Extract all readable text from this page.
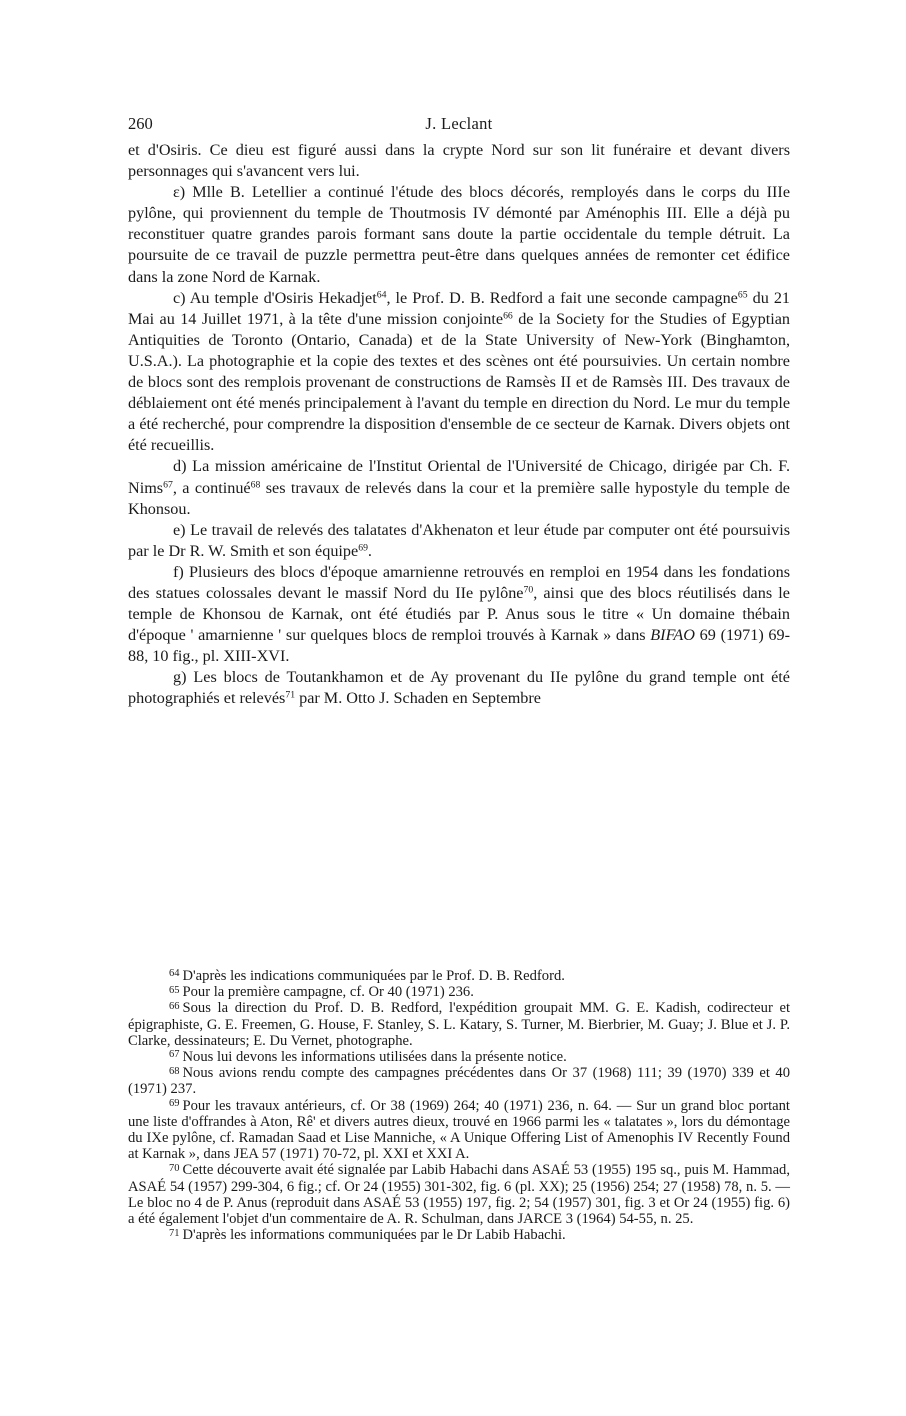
260	J. Leclant

et d'Osiris. Ce dieu est figuré aussi dans la crypte Nord sur son lit funéraire et devant divers personnages qui s'avancent vers lui.

ε) Mlle B. Letellier a continué l'étude des blocs décorés, remployés dans le corps du IIIe pylône, qui proviennent du temple de Thoutmosis IV démonté par Aménophis III. Elle a déjà pu reconstituer quatre grandes parois formant sans doute la partie occidentale du temple détruit. La poursuite de ce travail de puzzle permettra peut-être dans quelques années de remonter cet édifice dans la zone Nord de Karnak.

c) Au temple d'Osiris Hekadjet$^{64}$, le Prof. D. B. Redford a fait une seconde campagne$^{65}$ du 21 Mai au 14 Juillet 1971, à la tête d'une mission conjointe$^{66}$ de la Society for the Studies of Egyptian Antiquities de Toronto (Ontario, Canada) et de la State University of New-York (Binghamton, U.S.A.). La photographie et la copie des textes et des scènes ont été poursuivies. Un certain nombre de blocs sont des remplois provenant de constructions de Ramsès II et de Ramsès III. Des travaux de déblaiement ont été menés principalement à l'avant du temple en direction du Nord. Le mur du temple a été recherché, pour comprendre la disposition d'ensemble de ce secteur de Karnak. Divers objets ont été recueillis.

d) La mission américaine de l'Institut Oriental de l'Université de Chicago, dirigée par Ch. F. Nims$^{67}$, a continué$^{68}$ ses travaux de relevés dans la cour et la première salle hypostyle du temple de Khonsou.

e) Le travail de relevés des talatates d'Akhenaton et leur étude par computer ont été poursuivis par le Dr R. W. Smith et son équipe$^{69}$.

f) Plusieurs des blocs d'époque amarnienne retrouvés en remploi en 1954 dans les fondations des statues colossales devant le massif Nord du IIe pylône$^{70}$, ainsi que des blocs réutilisés dans le temple de Khonsou de Karnak, ont été étudiés par P. Anus sous le titre « Un domaine thébain d'époque ' amarnienne ' sur quelques blocs de remploi trouvés à Karnak » dans BIFAO 69 (1971) 69-88, 10 fig., pl. XIII-XVI.

g) Les blocs de Toutankhamon et de Ay provenant du IIe pylône du grand temple ont été photographiés et relevés$^{71}$ par M. Otto J. Schaden en Septembre

$^{64}$ D'après les indications communiquées par le Prof. D. B. Redford.

$^{65}$ Pour la première campagne, cf. Or 40 (1971) 236.

$^{66}$ Sous la direction du Prof. D. B. Redford, l'expédition groupait MM. G. E. Kadish, codirecteur et épigraphiste, G. E. Freemen, G. House, F. Stanley, S. L. Katary, S. Turner, M. Bierbrier, M. Guay; J. Blue et J. P. Clarke, dessinateurs; E. Du Vernet, photographe.

$^{67}$ Nous lui devons les informations utilisées dans la présente notice.

$^{68}$ Nous avions rendu compte des campagnes précédentes dans Or 37 (1968) 111; 39 (1970) 339 et 40 (1971) 237.

$^{69}$ Pour les travaux antérieurs, cf. Or 38 (1969) 264; 40 (1971) 236, n. 64. — Sur un grand bloc portant une liste d'offrandes à Aton, Rê' et divers autres dieux, trouvé en 1966 parmi les « talatates », lors du démontage du IXe pylône, cf. Ramadan Saad et Lise Manniche, « A Unique Offering List of Amenophis IV Recently Found at Karnak », dans JEA 57 (1971) 70-72, pl. XXI et XXI A.

$^{70}$ Cette découverte avait été signalée par Labib Habachi dans ASAÉ 53 (1955) 195 sq., puis M. Hammad, ASAÉ 54 (1957) 299-304, 6 fig.; cf. Or 24 (1955) 301-302, fig. 6 (pl. XX); 25 (1956) 254; 27 (1958) 78, n. 5. — Le bloc no 4 de P. Anus (reproduit dans ASAÉ 53 (1955) 197, fig. 2; 54 (1957) 301, fig. 3 et Or 24 (1955) fig. 6) a été également l'objet d'un commentaire de A. R. Schulman, dans JARCE 3 (1964) 54-55, n. 25.

$^{71}$ D'après les informations communiquées par le Dr Labib Habachi.
